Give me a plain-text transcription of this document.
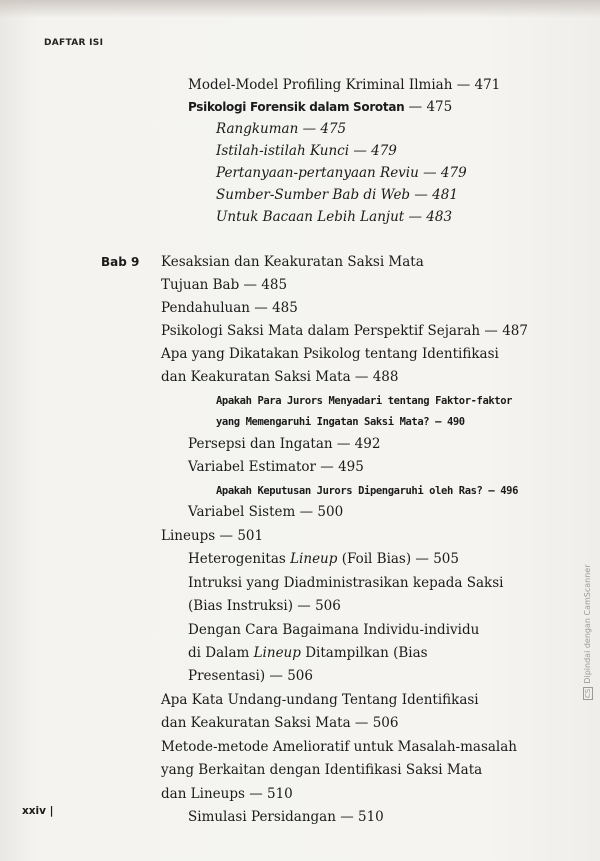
DAFTAR ISI
Model-Model Profiling Kriminal Ilmiah — 471
Psikologi Forensik dalam Sorotan — 475
Rangkuman — 475
Istilah-istilah Kunci — 479
Pertanyaan-pertanyaan Reviu — 479
Sumber-Sumber Bab di Web — 481
Untuk Bacaan Lebih Lanjut — 483
Bab 9 Kesaksian dan Keakuratan Saksi Mata
Tujuan Bab — 485
Pendahuluan — 485
Psikologi Saksi Mata dalam Perspektif Sejarah — 487
Apa yang Dikatakan Psikolog tentang Identifikasi
dan Keakuratan Saksi Mata — 488
Apakah Para Jurors Menyadari tentang Faktor-faktor
yang Memengaruhi Ingatan Saksi Mata? — 490
Persepsi dan Ingatan — 492
Variabel Estimator — 495
Apakah Keputusan Jurors Dipengaruhi oleh Ras? — 496
Variabel Sistem — 500
Lineups — 501
Heterogenitas Lineup (Foil Bias) — 505
Intruksi yang Diadministrasikan kepada Saksi
(Bias Instruksi) — 506
Dengan Cara Bagaimana Individu-individu
di Dalam Lineup Ditampilkan (Bias
Presentasi) — 506
Apa Kata Undang-undang Tentang Identifikasi
dan Keakuratan Saksi Mata — 506
Metode-metode Amelioratif untuk Masalah-masalah
yang Berkaitan dengan Identifikasi Saksi Mata
dan Lineups — 510
Simulasi Persidangan — 510
xxiv |
CSDipindai dengan CamScanner
